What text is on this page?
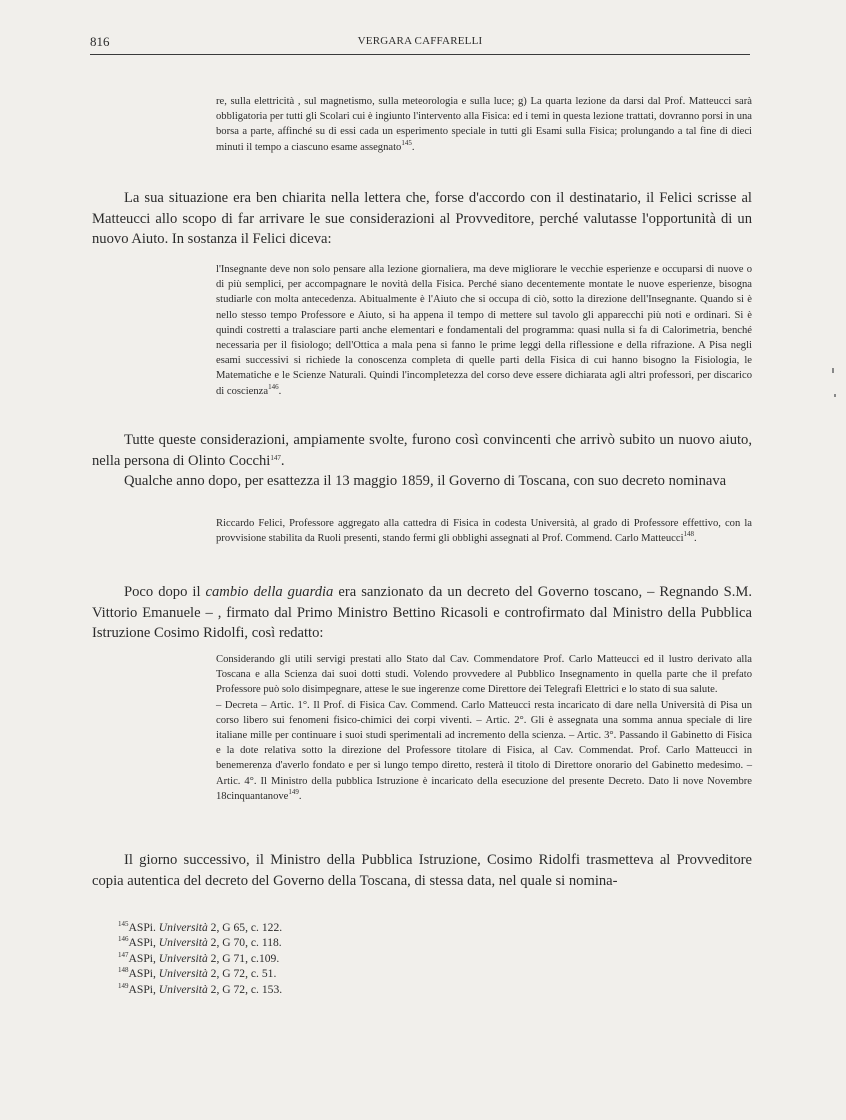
816	VERGARA CAFFARELLI
re, sulla elettricità , sul magnetismo, sulla meteorologia e sulla luce; g) La quarta lezione da darsi dal Prof. Matteucci sarà obbligatoria per tutti gli Scolari cui è ingiunto l'intervento alla Fisica: ed i temi in questa lezione trattati, dovranno porsi in una borsa a parte, affinché su di essi cada un esperimento speciale in tutti gli Esami sulla Fisica; prolungando a tal fine di dieci minuti il tempo a ciascuno esame assegnato$^{145}$.
La sua situazione era ben chiarita nella lettera che, forse d'accordo con il destinatario, il Felici scrisse al Matteucci allo scopo di far arrivare le sue considerazioni al Provveditore, perché valutasse l'opportunità di un nuovo Aiuto. In sostanza il Felici diceva:
l'Insegnante deve non solo pensare alla lezione giornaliera, ma deve migliorare le vecchie esperienze e occuparsi di nuove o di più semplici, per accompagnare le novità della Fisica. Perché siano decentemente montate le nuove esperienze, bisogna studiarle con molta antecedenza. Abitualmente è l'Aiuto che si occupa di ciò, sotto la direzione dell'Insegnante. Quando si è nello stesso tempo Professore e Aiuto, si ha appena il tempo di mettere sul tavolo gli apparecchi più noti e ordinari. Si è quindi costretti a tralasciare parti anche elementari e fondamentali del programma: quasi nulla si fa di Calorimetria, benché necessaria per il fisiologo; dell'Ottica a mala pena si fanno le prime leggi della riflessione e della rifrazione. A Pisa negli esami successivi si richiede la conoscenza completa di quelle parti della Fisica di cui hanno bisogno la Fisiologia, le Matematiche e le Scienze Naturali. Quindi l'incompletezza del corso deve essere dichiarata agli altri professori, per discarico di coscienza$^{146}$.
Tutte queste considerazioni, ampiamente svolte, furono così convincenti che arrivò subito un nuovo aiuto, nella persona di Olinto Cocchi$^{147}$.
Qualche anno dopo, per esattezza il 13 maggio 1859, il Governo di Toscana, con suo decreto nominava
Riccardo Felici, Professore aggregato alla cattedra di Fisica in codesta Università, al grado di Professore effettivo, con la provvisione stabilita da Ruoli presenti, stando fermi gli obblighi assegnati al Prof. Commend. Carlo Matteucci$^{148}$.
Poco dopo il cambio della guardia era sanzionato da un decreto del Governo toscano, – Regnando S.M. Vittorio Emanuele – , firmato dal Primo Ministro Bettino Ricasoli e controfirmato dal Ministro della Pubblica Istruzione Cosimo Ridolfi, così redatto:
Considerando gli utili servigi prestati allo Stato dal Cav. Commendatore Prof. Carlo Matteucci ed il lustro derivato alla Toscana e alla Scienza dai suoi dotti studi. Volendo provvedere al Pubblico Insegnamento in quella parte che il prefato Professore può solo disimpegnare, attese le sue ingerenze come Direttore dei Telegrafi Elettrici e lo stato di sua salute.
– Decreta – Artic. 1°. Il Prof. di Fisica Cav. Commend. Carlo Matteucci resta incaricato di dare nella Università di Pisa un corso libero sui fenomeni fisico-chimici dei corpi viventi. – Artic. 2°. Gli è assegnata una somma annua speciale di lire italiane mille per continuare i suoi studi sperimentali ad incremento della scienza. – Artic. 3°. Passando il Gabinetto di Fisica e la dote relativa sotto la direzione del Professore titolare di Fisica, al Cav. Commendat. Prof. Carlo Matteucci in benemerenza d'averlo fondato e per sì lungo tempo diretto, resterà il titolo di Direttore onorario del Gabinetto medesimo. – Artic. 4°. Il Ministro della pubblica Istruzione è incaricato della esecuzione del presente Decreto. Dato li nove Novembre 18cinquantanove$^{149}$.
Il giorno successivo, il Ministro della Pubblica Istruzione, Cosimo Ridolfi trasmetteva al Provveditore copia autentica del decreto del Governo della Toscana, di stessa data, nel quale si nomina-
$^{145}$ASPi. Università 2, G 65, c. 122.
$^{146}$ASPi, Università 2, G 70, c. 118.
$^{147}$ASPi, Università 2, G 71, c.109.
$^{148}$ASPi, Università 2, G 72, c. 51.
$^{149}$ASPi, Università 2, G 72, c. 153.
